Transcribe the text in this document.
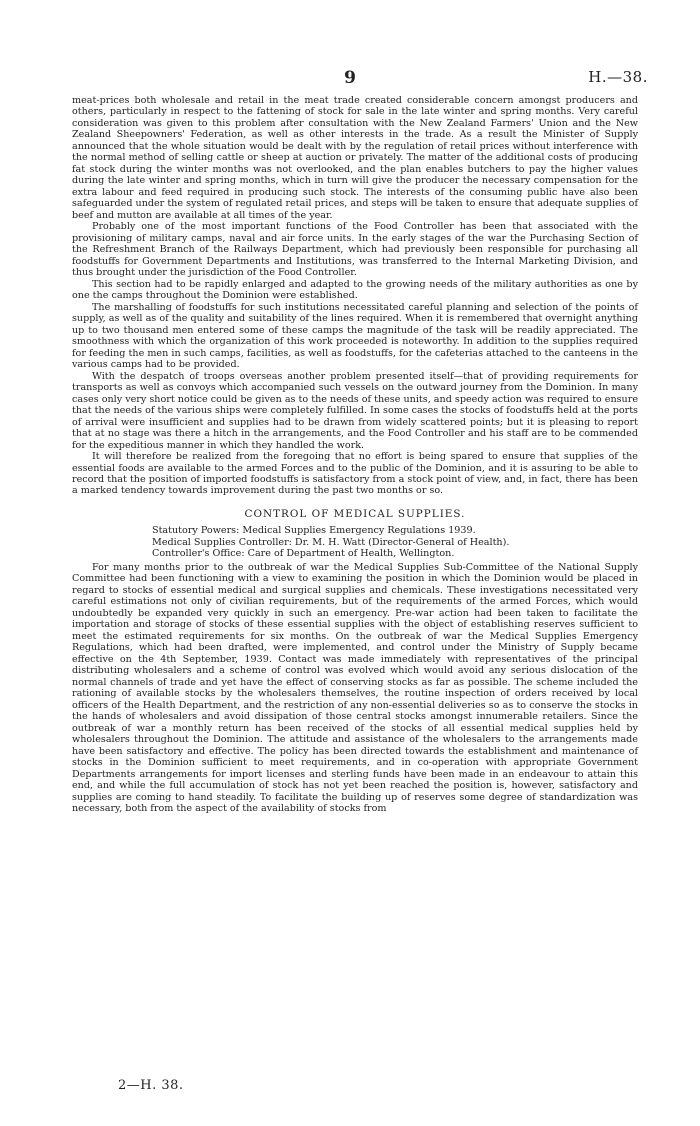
9	H.—38.

meat-prices both wholesale and retail in the meat trade created considerable concern amongst producers and others, particularly in respect to the fattening of stock for sale in the late winter and spring months. Very careful consideration was given to this problem after consultation with the New Zealand Farmers' Union and the New Zealand Sheepowners' Federation, as well as other interests in the trade. As a result the Minister of Supply announced that the whole situation would be dealt with by the regulation of retail prices without interference with the normal method of selling cattle or sheep at auction or privately. The matter of the additional costs of producing fat stock during the winter months was not overlooked, and the plan enables butchers to pay the higher values during the late winter and spring months, which in turn will give the producer the necessary compensation for the extra labour and feed required in producing such stock. The interests of the consuming public have also been safeguarded under the system of regulated retail prices, and steps will be taken to ensure that adequate supplies of beef and mutton are available at all times of the year.

Probably one of the most important functions of the Food Controller has been that associated with the provisioning of military camps, naval and air force units. In the early stages of the war the Purchasing Section of the Refreshment Branch of the Railways Department, which had previously been responsible for purchasing all foodstuffs for Government Departments and Institutions, was transferred to the Internal Marketing Division, and thus brought under the jurisdiction of the Food Controller.

This section had to be rapidly enlarged and adapted to the growing needs of the military authorities as one by one the camps throughout the Dominion were established.

The marshalling of foodstuffs for such institutions necessitated careful planning and selection of the points of supply, as well as of the quality and suitability of the lines required. When it is remembered that overnight anything up to two thousand men entered some of these camps the magnitude of the task will be readily appreciated. The smoothness with which the organization of this work proceeded is noteworthy. In addition to the supplies required for feeding the men in such camps, facilities, as well as foodstuffs, for the cafeterias attached to the canteens in the various camps had to be provided.

With the despatch of troops overseas another problem presented itself—that of providing requirements for transports as well as convoys which accompanied such vessels on the outward journey from the Dominion. In many cases only very short notice could be given as to the needs of these units, and speedy action was required to ensure that the needs of the various ships were completely fulfilled. In some cases the stocks of foodstuffs held at the ports of arrival were insufficient and supplies had to be drawn from widely scattered points; but it is pleasing to report that at no stage was there a hitch in the arrangements, and the Food Controller and his staff are to be commended for the expeditious manner in which they handled the work.

It will therefore be realized from the foregoing that no effort is being spared to ensure that supplies of the essential foods are available to the armed Forces and to the public of the Dominion, and it is assuring to be able to record that the position of imported foodstuffs is satisfactory from a stock point of view, and, in fact, there has been a marked tendency towards improvement during the past two months or so.

CONTROL OF MEDICAL SUPPLIES.
Statutory Powers: Medical Supplies Emergency Regulations 1939.
Medical Supplies Controller: Dr. M. H. Watt (Director-General of Health).
Controller's Office: Care of Department of Health, Wellington.

For many months prior to the outbreak of war the Medical Supplies Sub-Committee of the National Supply Committee had been functioning with a view to examining the position in which the Dominion would be placed in regard to stocks of essential medical and surgical supplies and chemicals. These investigations necessitated very careful estimations not only of civilian requirements, but of the requirements of the armed Forces, which would undoubtedly be expanded very quickly in such an emergency. Pre-war action had been taken to facilitate the importation and storage of stocks of these essential supplies with the object of establishing reserves sufficient to meet the estimated requirements for six months. On the outbreak of war the Medical Supplies Emergency Regulations, which had been drafted, were implemented, and control under the Ministry of Supply became effective on the 4th September, 1939. Contact was made immediately with representatives of the principal distributing wholesalers and a scheme of control was evolved which would avoid any serious dislocation of the normal channels of trade and yet have the effect of conserving stocks as far as possible. The scheme included the rationing of available stocks by the wholesalers themselves, the routine inspection of orders received by local officers of the Health Department, and the restriction of any non-essential deliveries so as to conserve the stocks in the hands of wholesalers and avoid dissipation of those central stocks amongst innumerable retailers. Since the outbreak of war a monthly return has been received of the stocks of all essential medical supplies held by wholesalers throughout the Dominion. The attitude and assistance of the wholesalers to the arrangements made have been satisfactory and effective. The policy has been directed towards the establishment and maintenance of stocks in the Dominion sufficient to meet requirements, and in co-operation with appropriate Government Departments arrangements for import licenses and sterling funds have been made in an endeavour to attain this end, and while the full accumulation of stock has not yet been reached the position is, however, satisfactory and supplies are coming to hand steadily. To facilitate the building up of reserves some degree of standardization was necessary, both from the aspect of the availability of stocks from

2—H. 38.
